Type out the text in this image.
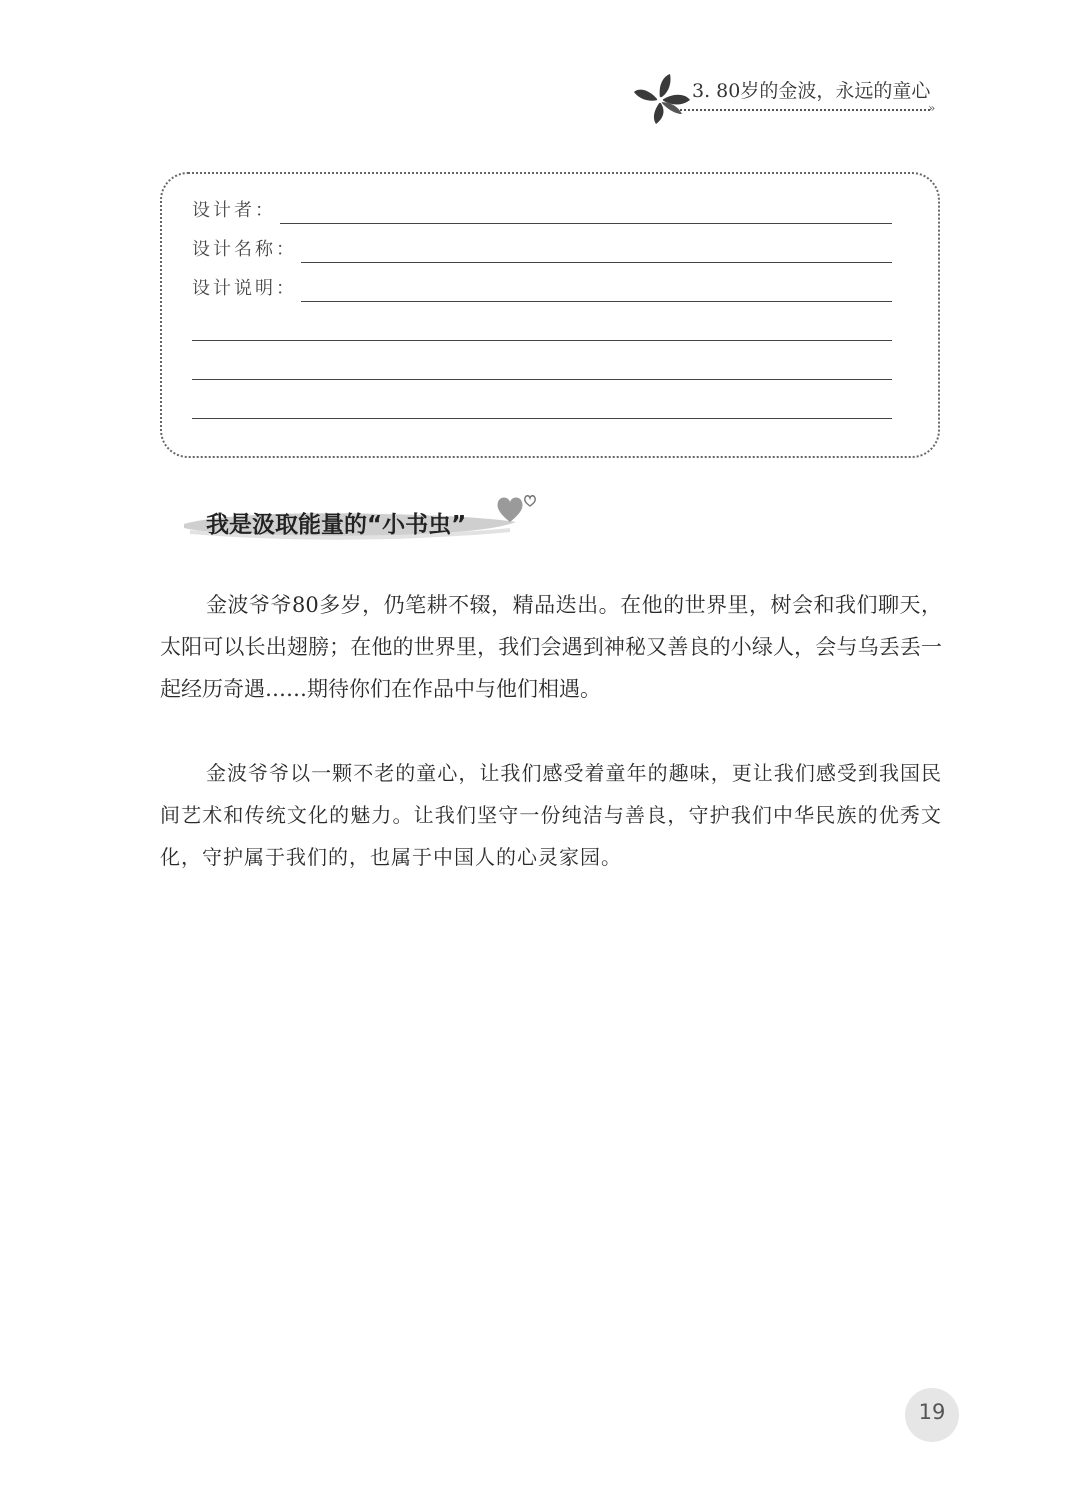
3. 80岁的金波，永远的童心
»
设计者：
设计名称：
设计说明：
我是汲取能量的“小书虫”

金波爷爷80多岁，仍笔耕不辍，精品迭出。在他的世界里，树会和我们聊天，太阳可以长出翅膀；在他的世界里，我们会遇到神秘又善良的小绿人，会与乌丢丢一起经历奇遇……期待你们在作品中与他们相遇。

金波爷爷以一颗不老的童心，让我们感受着童年的趣味，更让我们感受到我国民间艺术和传统文化的魅力。让我们坚守一份纯洁与善良，守护我们中华民族的优秀文化，守护属于我们的，也属于中国人的心灵家园。

19
